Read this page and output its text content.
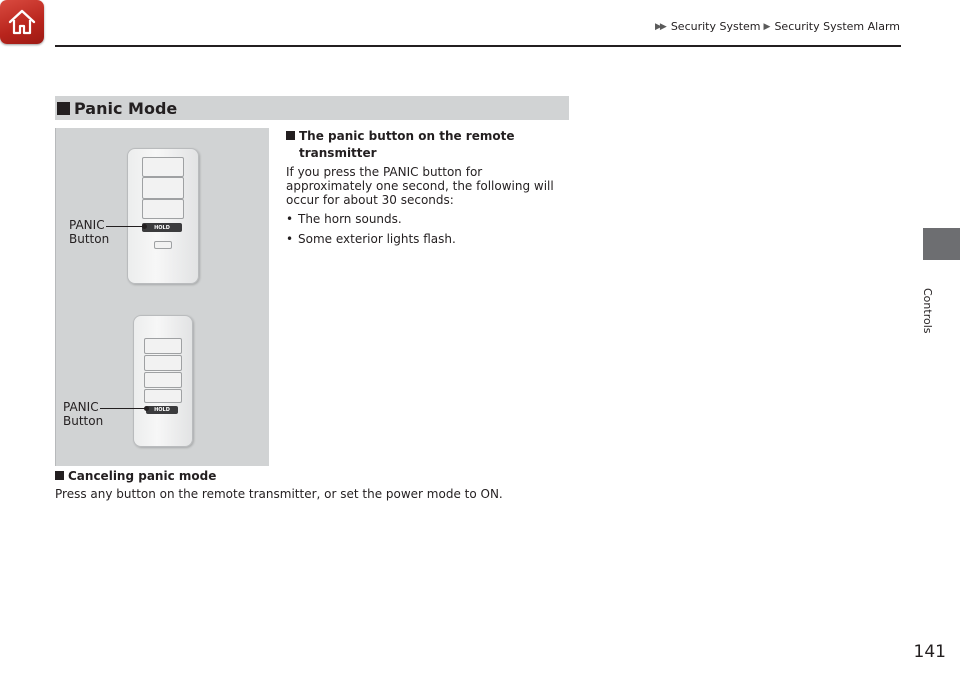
▶▶ Security System ▶ Security System Alarm
Controls
Panic Mode
HOLD
HOLD
PANIC
Button
PANIC
Button
The panic button on the remote
transmitter
If you press the PANIC button for
approximately one second, the following will
occur for about 30 seconds:
• The horn sounds.
• Some exterior lights flash.
Canceling panic mode
Press any button on the remote transmitter, or set the power mode to ON.
141
